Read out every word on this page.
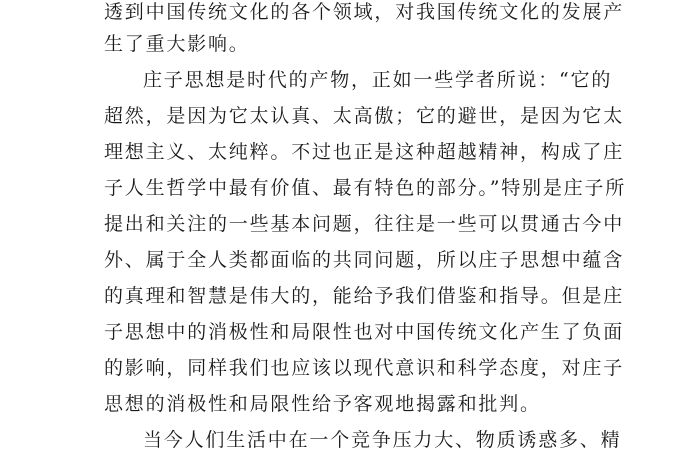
透到中国传统文化的各个领域，对我国传统文化的发展产
生了重大影响。
庄子思想是时代的产物，正如一些学者所说：“它的
超然，是因为它太认真、太高傲；它的避世，是因为它太
理想主义、太纯粹。不过也正是这种超越精神，构成了庄
子人生哲学中最有价值、最有特色的部分。”特别是庄子所
提出和关注的一些基本问题，往往是一些可以贯通古今中
外、属于全人类都面临的共同问题，所以庄子思想中蕴含
的真理和智慧是伟大的，能给予我们借鉴和指导。但是庄
子思想中的消极性和局限性也对中国传统文化产生了负面
的影响，同样我们也应该以现代意识和科学态度，对庄子
思想的消极性和局限性给予客观地揭露和批判。
当今人们生活中在一个竞争压力大、物质诱惑多、精
